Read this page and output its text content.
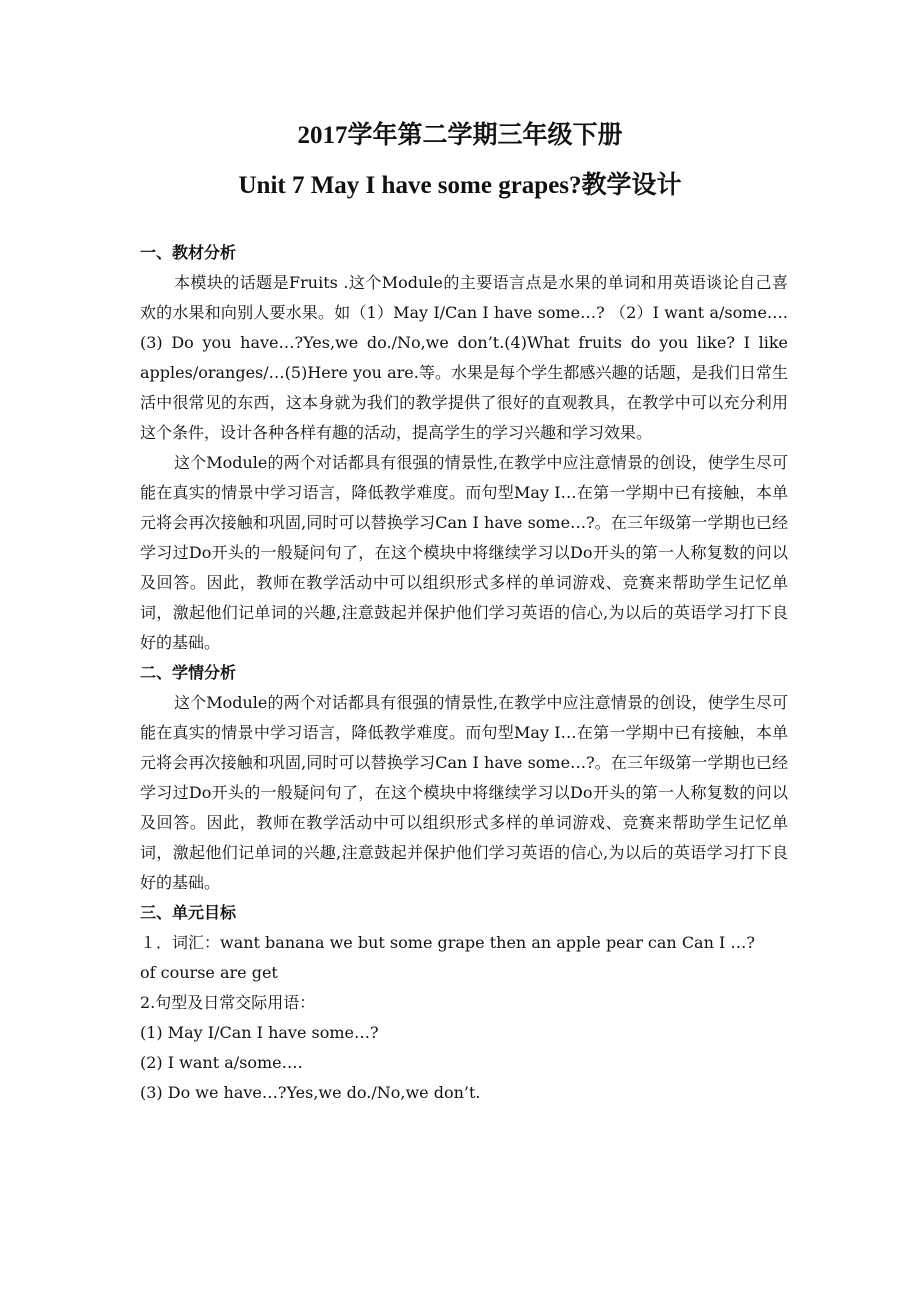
2017学年第二学期三年级下册
Unit 7 May I have some grapes?教学设计
一、教材分析

本模块的话题是Fruits .这个Module的主要语言点是水果的单词和用英语谈论自己喜欢的水果和向别人要水果。如（1）May I/Can I have some…? （2）I want a/some….(3) Do you have…?Yes,we do./No,we don’t.(4)What fruits do you like? I like apples/oranges/…(5)Here you are.等。水果是每个学生都感兴趣的话题，是我们日常生活中很常见的东西，这本身就为我们的教学提供了很好的直观教具，在教学中可以充分利用这个条件，设计各种各样有趣的活动，提高学生的学习兴趣和学习效果。

这个Module的两个对话都具有很强的情景性,在教学中应注意情景的创设，使学生尽可能在真实的情景中学习语言，降低教学难度。而句型May I…在第一学期中已有接触，本单元将会再次接触和巩固,同时可以替换学习Can I have some…?。在三年级第一学期也已经学习过Do开头的一般疑问句了，在这个模块中将继续学习以Do开头的第一人称复数的问以及回答。因此，教师在教学活动中可以组织形式多样的单词游戏、竞赛来帮助学生记忆单词，激起他们记单词的兴趣,注意鼓起并保护他们学习英语的信心,为以后的英语学习打下良好的基础。

二、学情分析

这个Module的两个对话都具有很强的情景性,在教学中应注意情景的创设，使学生尽可能在真实的情景中学习语言，降低教学难度。而句型May I…在第一学期中已有接触，本单元将会再次接触和巩固,同时可以替换学习Can I have some…?。在三年级第一学期也已经学习过Do开头的一般疑问句了，在这个模块中将继续学习以Do开头的第一人称复数的问以及回答。因此，教师在教学活动中可以组织形式多样的单词游戏、竞赛来帮助学生记忆单词，激起他们记单词的兴趣,注意鼓起并保护他们学习英语的信心,为以后的英语学习打下良好的基础。

三、单元目标

１．词汇：want banana we but some grape then an apple pear can Can I …?

of course are get

2.句型及日常交际用语：

(1) May I/Can I have some…?

(2) I want a/some….

(3) Do we have…?Yes,we do./No,we don’t.
